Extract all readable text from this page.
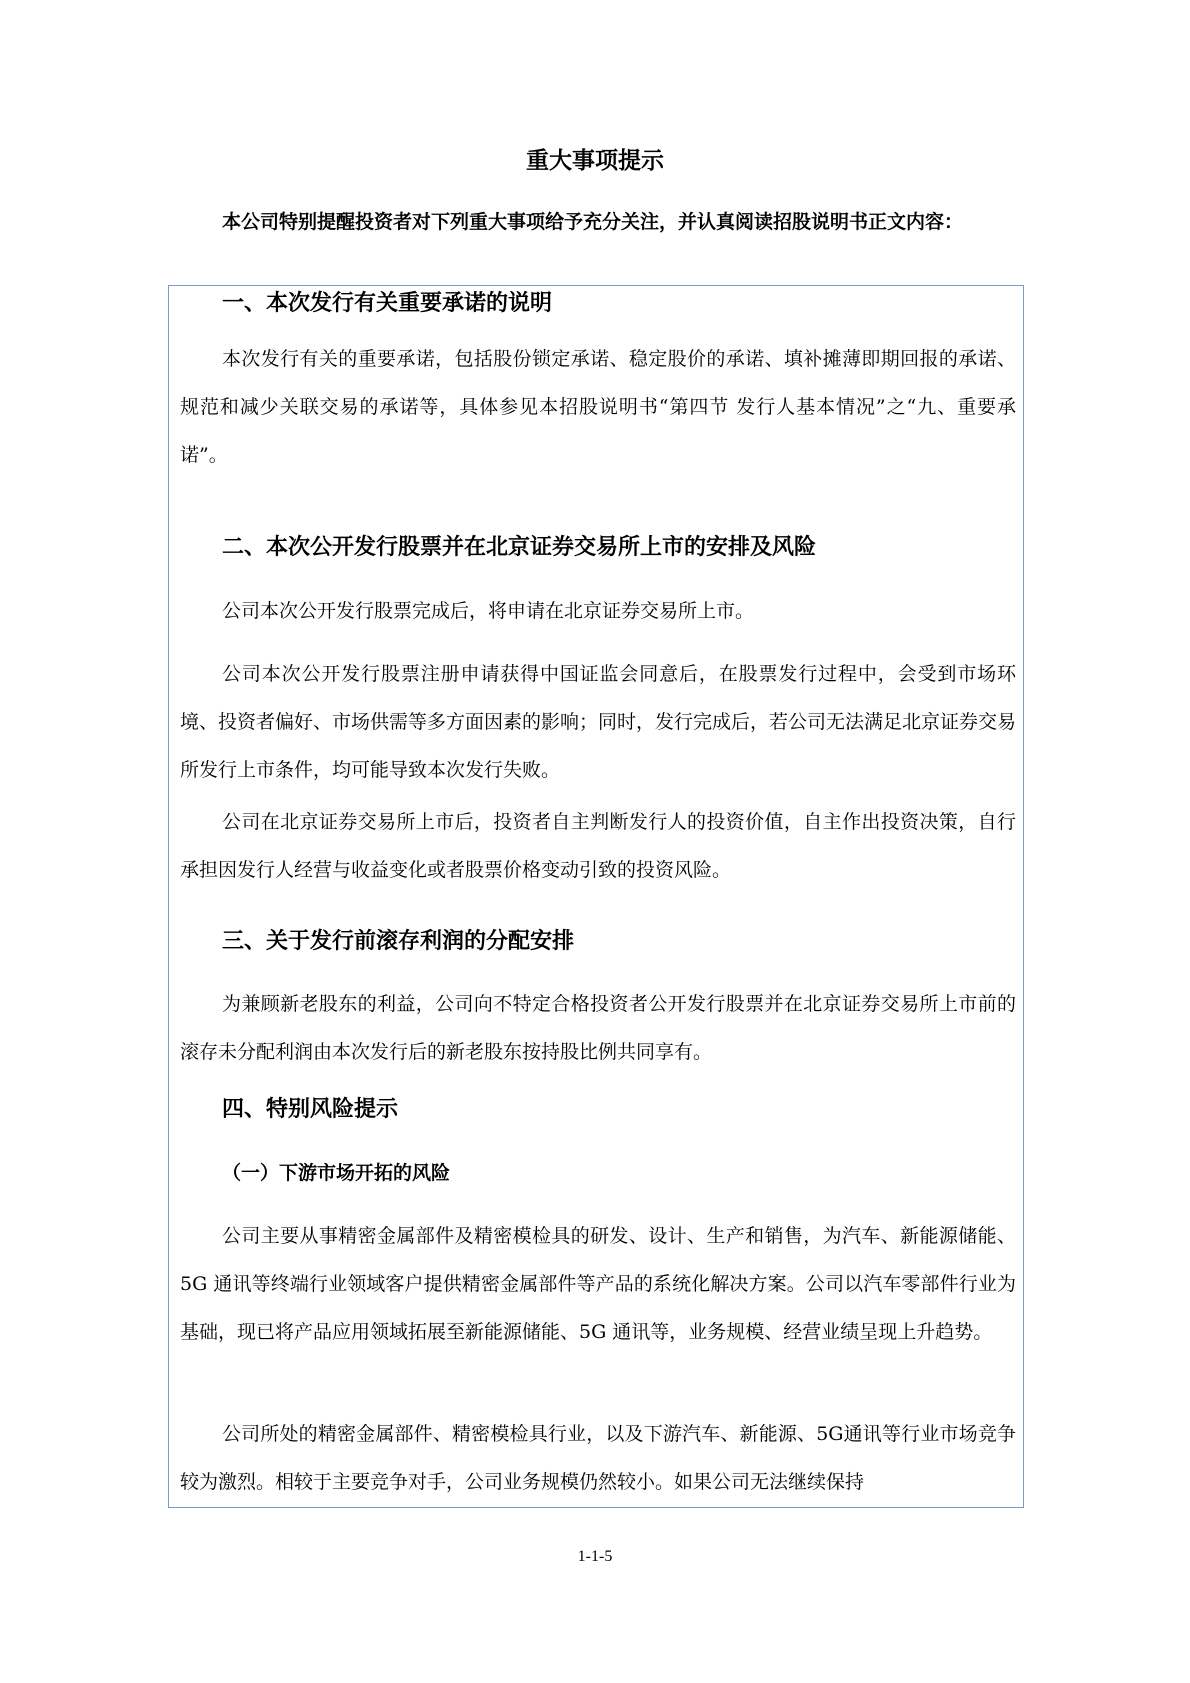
重大事项提示
本公司特别提醒投资者对下列重大事项给予充分关注，并认真阅读招股说明书正文内容：
一、本次发行有关重要承诺的说明
本次发行有关的重要承诺，包括股份锁定承诺、稳定股价的承诺、填补摊薄即期回报的承诺、规范和减少关联交易的承诺等，具体参见本招股说明书“第四节 发行人基本情况”之“九、重要承诺”。
二、本次公开发行股票并在北京证券交易所上市的安排及风险
公司本次公开发行股票完成后，将申请在北京证券交易所上市。
公司本次公开发行股票注册申请获得中国证监会同意后，在股票发行过程中，会受到市场环境、投资者偏好、市场供需等多方面因素的影响；同时，发行完成后，若公司无法满足北京证券交易所发行上市条件，均可能导致本次发行失败。
公司在北京证券交易所上市后，投资者自主判断发行人的投资价值，自主作出投资决策，自行承担因发行人经营与收益变化或者股票价格变动引致的投资风险。
三、关于发行前滚存利润的分配安排
为兼顾新老股东的利益，公司向不特定合格投资者公开发行股票并在北京证券交易所上市前的滚存未分配利润由本次发行后的新老股东按持股比例共同享有。
四、特别风险提示
（一）下游市场开拓的风险
公司主要从事精密金属部件及精密模检具的研发、设计、生产和销售，为汽车、新能源储能、5G 通讯等终端行业领域客户提供精密金属部件等产品的系统化解决方案。公司以汽车零部件行业为基础，现已将产品应用领域拓展至新能源储能、5G 通讯等，业务规模、经营业绩呈现上升趋势。
公司所处的精密金属部件、精密模检具行业，以及下游汽车、新能源、5G通讯等行业市场竞争较为激烈。相较于主要竞争对手，公司业务规模仍然较小。如果公司无法继续保持
1-1-5
